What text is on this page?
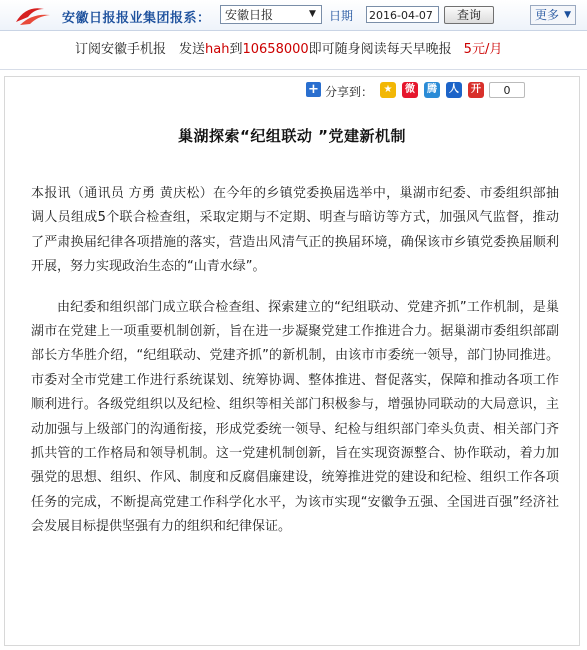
安徽日报报业集团报系：	安徽日报	▼ 日期 2016-04-07	查询	更多 ▼
订阅安徽手机报　发送hah到10658000即可随身阅读每天早晚报 5元/月
+ 分享到：	★	微	腾	人	开	0
巢湖探索“纪组联动 ”党建新机制

本报讯（通讯员 方勇 黄庆松）在今年的乡镇党委换届选举中，巢湖市纪委、市委组织部抽调人员组成5个联合检查组，采取定期与不定期、明查与暗访等方式，加强风气监督，推动了严肃换届纪律各项措施的落实，营造出风清气正的换届环境，确保该市乡镇党委换届顺利开展，努力实现政治生态的“山青水绿”。

由纪委和组织部门成立联合检查组、探索建立的“纪组联动、党建齐抓”工作机制，是巢湖市在党建上一项重要机制创新，旨在进一步凝聚党建工作推进合力。据巢湖市委组织部副部长方华胜介绍，“纪组联动、党建齐抓”的新机制，由该市市委统一领导，部门协同推进。市委对全市党建工作进行系统谋划、统筹协调、整体推进、督促落实，保障和推动各项工作顺利进行。各级党组织以及纪检、组织等相关部门积极参与，增强协同联动的大局意识，主动加强与上级部门的沟通衔接，形成党委统一领导、纪检与组织部门牵头负责、相关部门齐抓共管的工作格局和领导机制。这一党建机制创新，旨在实现资源整合、协作联动，着力加强党的思想、组织、作风、制度和反腐倡廉建设，统筹推进党的建设和纪检、组织工作各项任务的完成，不断提高党建工作科学化水平，为该市实现“安徽争五强、全国进百强”经济社会发展目标提供坚强有力的组织和纪律保证。
